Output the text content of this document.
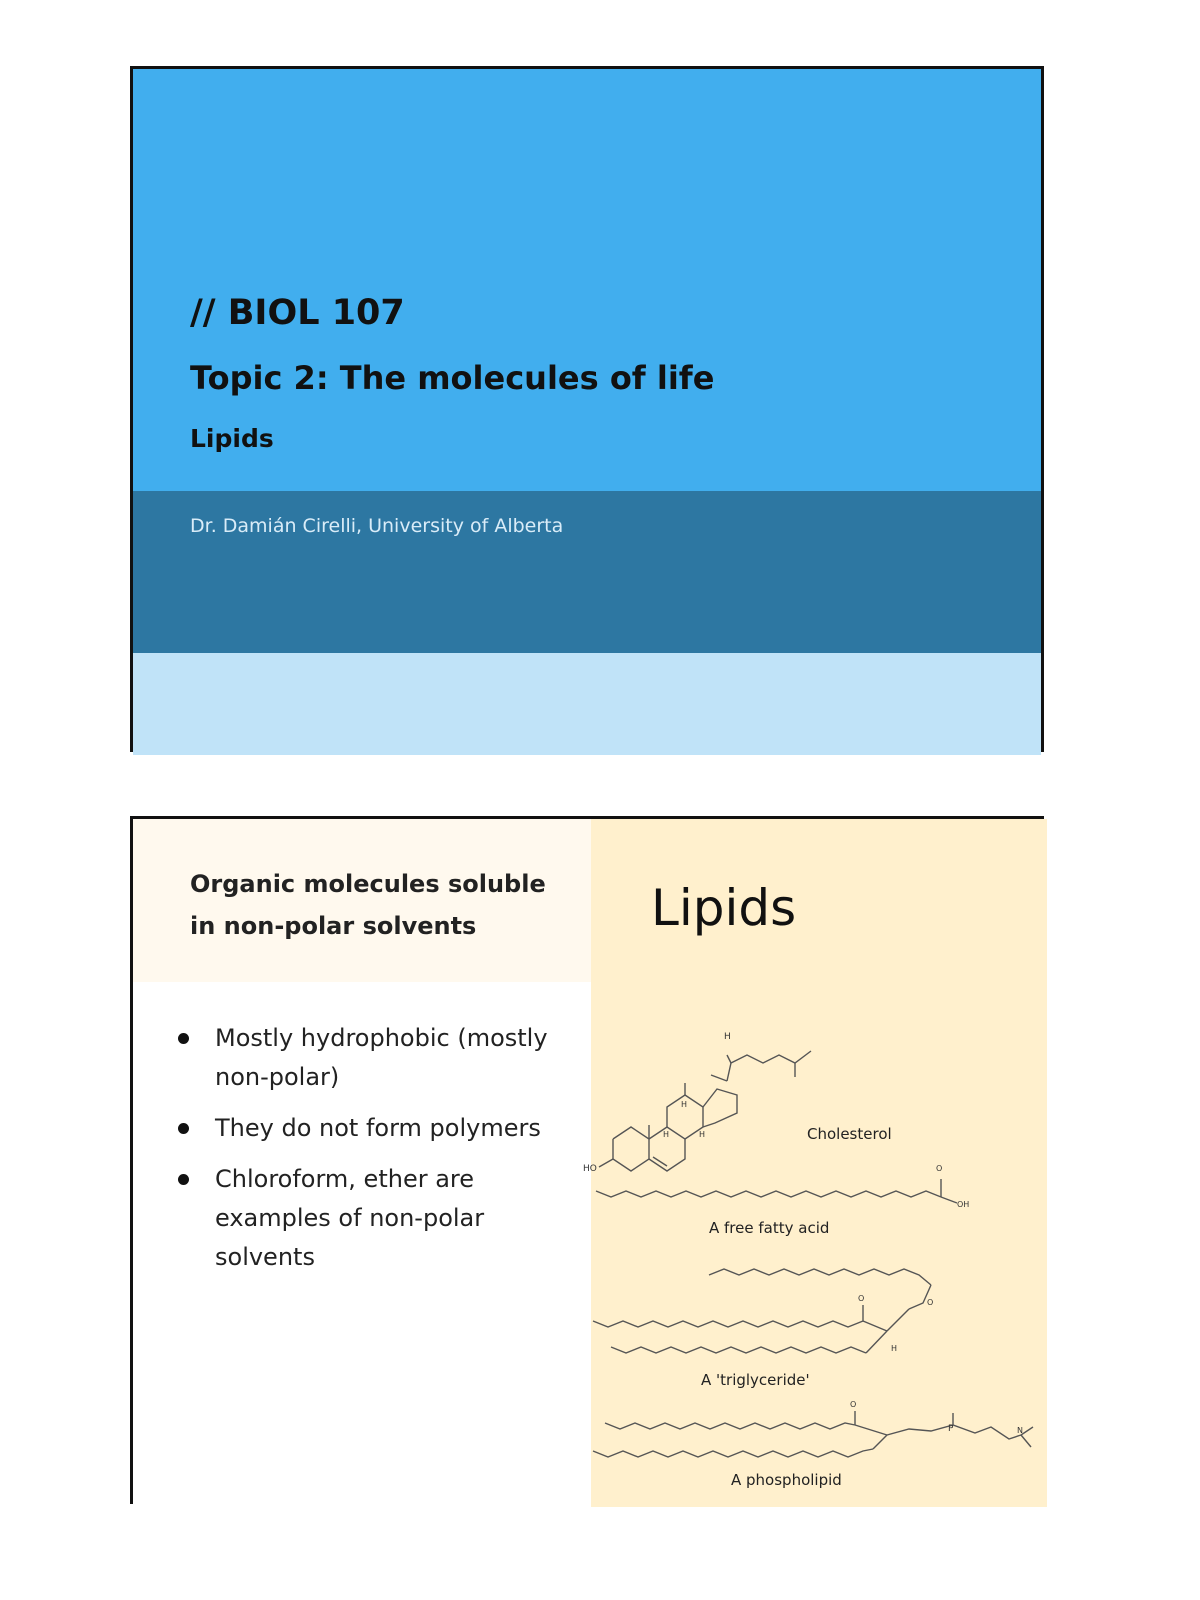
// BIOL 107
Topic 2: The molecules of life
Lipids
Dr. Damián Cirelli, University of Alberta
Organic molecules soluble in non-polar solvents
Mostly hydrophobic (mostly non-polar)
They do not form polymers
Chloroform, ether are examples of non-polar solvents
Lipids
HO
H
H
H
H	Cholesterol
O
OH
A free fatty acid
O	O
H
A 'triglyceride'
O
P	N
A phospholipid
